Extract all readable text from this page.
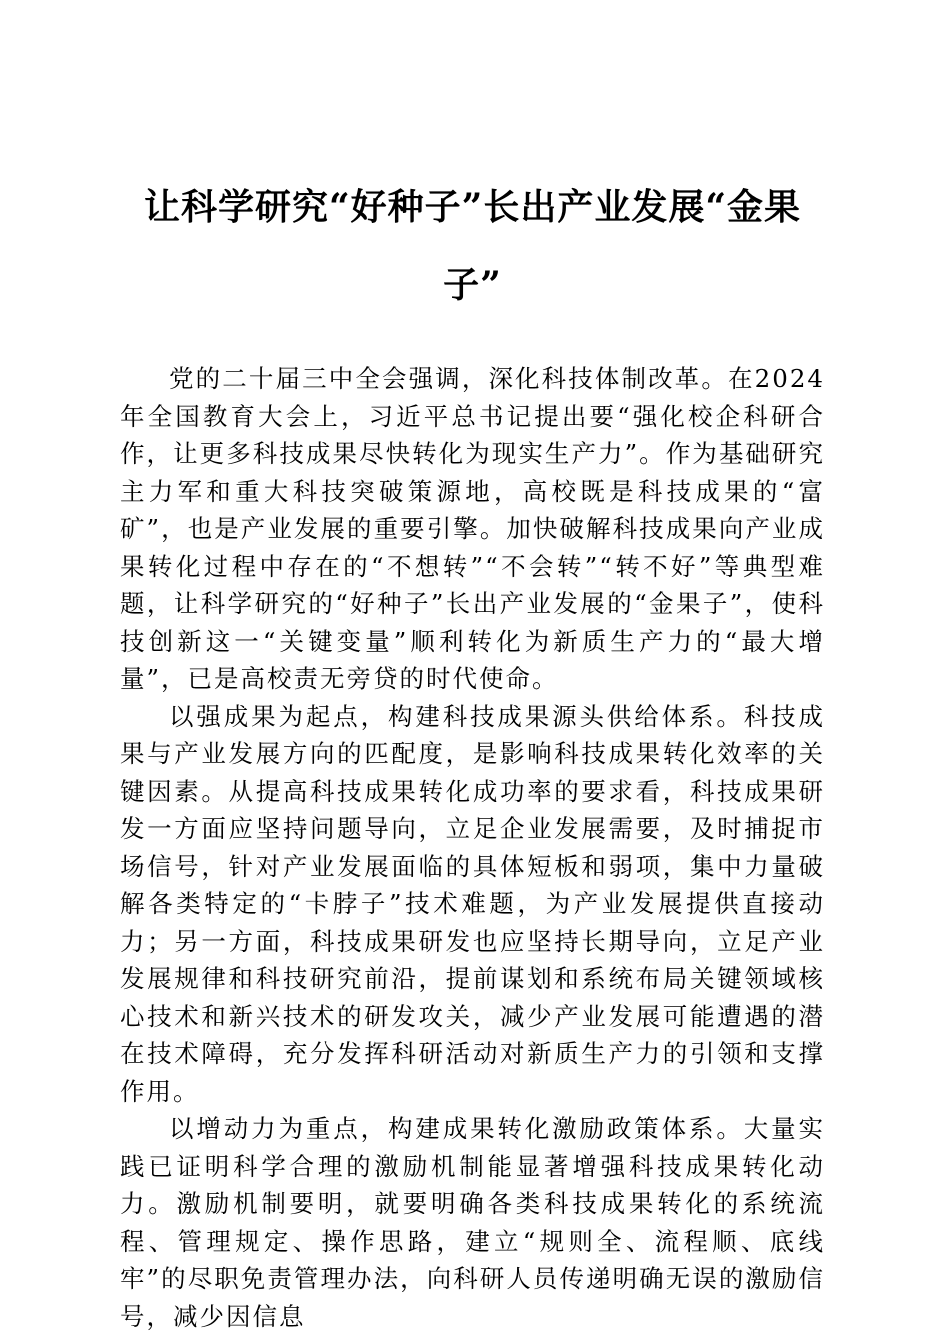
让科学研究“好种子”长出产业发展“金果子”

党的二十届三中全会强调，深化科技体制改革。在2024年全国教育大会上，习近平总书记提出要“强化校企科研合作，让更多科技成果尽快转化为现实生产力”。作为基础研究主力军和重大科技突破策源地，高校既是科技成果的“富矿”，也是产业发展的重要引擎。加快破解科技成果向产业成果转化过程中存在的“不想转”“不会转”“转不好”等典型难题，让科学研究的“好种子”长出产业发展的“金果子”，使科技创新这一“关键变量”顺利转化为新质生产力的“最大增量”，已是高校责无旁贷的时代使命。

以强成果为起点，构建科技成果源头供给体系。科技成果与产业发展方向的匹配度，是影响科技成果转化效率的关键因素。从提高科技成果转化成功率的要求看，科技成果研发一方面应坚持问题导向，立足企业发展需要，及时捕捉市场信号，针对产业发展面临的具体短板和弱项，集中力量破解各类特定的“卡脖子”技术难题，为产业发展提供直接动力；另一方面，科技成果研发也应坚持长期导向，立足产业发展规律和科技研究前沿，提前谋划和系统布局关键领域核心技术和新兴技术的研发攻关，减少产业发展可能遭遇的潜在技术障碍，充分发挥科研活动对新质生产力的引领和支撑作用。

以增动力为重点，构建成果转化激励政策体系。大量实践已证明科学合理的激励机制能显著增强科技成果转化动力。激励机制要明，就要明确各类科技成果转化的系统流程、管理规定、操作思路，建立“规则全、流程顺、底线牢”的尽职免责管理办法，向科研人员传递明确无误的激励信号，减少因信息
